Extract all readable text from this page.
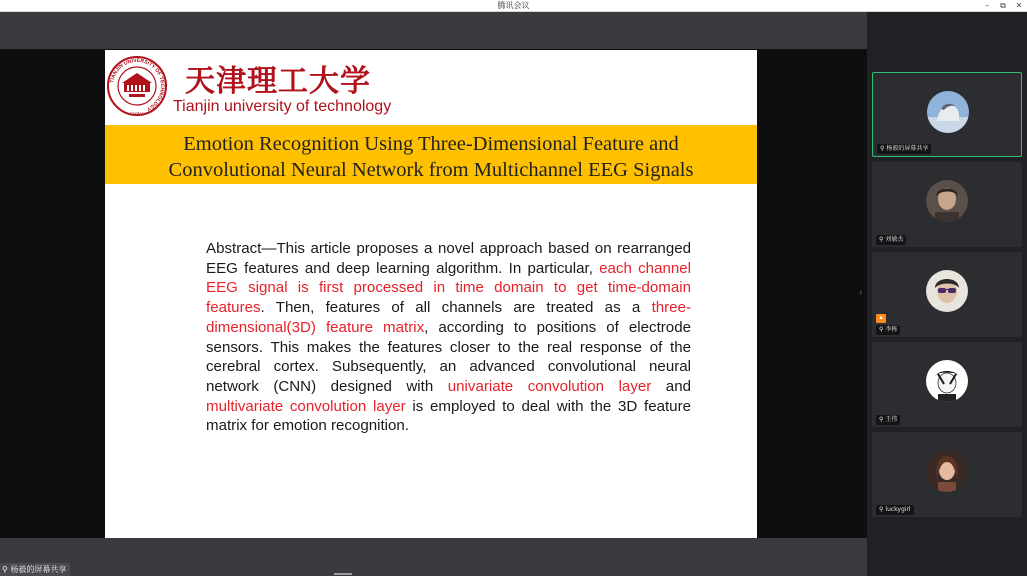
腾讯会议	–	⧉	✕
TIANJIN UNIVERSITY OF TECHNOLOGY
CHINA
天津理工大学
Tianjin university of technology
Emotion Recognition Using Three-Dimensional Feature and
Convolutional Neural Network from Multichannel EEG Signals
Abstract—This article proposes a novel approach based on rearranged EEG features and deep learning algorithm. In particular, each channel EEG signal is first processed in time domain to get time-domain features. Then, features of all channels are treated as a three-dimensional(3D) feature matrix, according to positions of electrode sensors. This makes the features closer to the real response of the cerebral cortex. Subsequently, an advanced convolutional neural network (CNN) designed with univariate convolution layer and multivariate convolution layer is employed to deal with the 3D feature matrix for emotion recognition.
›
⚲ 杨毅的屏幕共享
⚲ 刘敏杰
▲
⚲ 李栋
⚲ 王伟
⚲ luckygirl
⚲ 杨毅的屏幕共享
